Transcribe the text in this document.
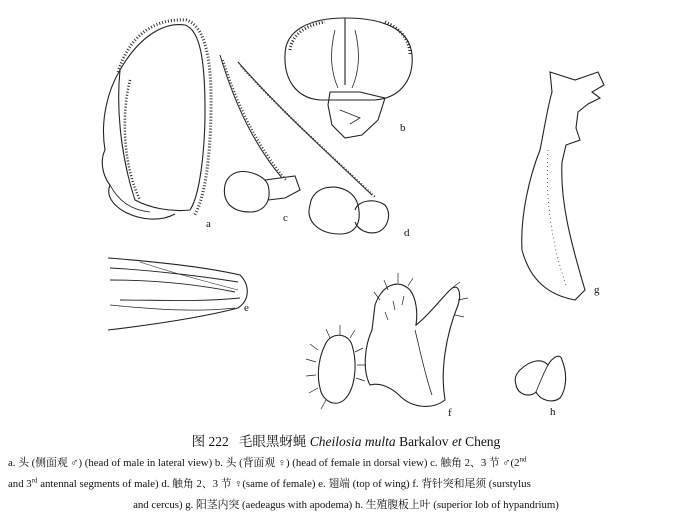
a
b
c
d
e
f
g
h
图 222 毛眼黑蚜蝇 Cheilosia multa Barkalov et Cheng
a. 头 (侧面观 ♂) (head of male in lateral view) b. 头 (背面观 ♀) (head of female in dorsal view) c. 触角 2、3 节 ♂(2nd
and 3rd antennal segments of male) d. 触角 2、3 节 ♀(same of female) e. 翅端 (top of wing) f. 背针突和尾须 (surstylus
and cercus) g. 阳茎内突 (aedeagus with apodema) h. 生殖腹板上叶 (superior lob of hypandrium)
